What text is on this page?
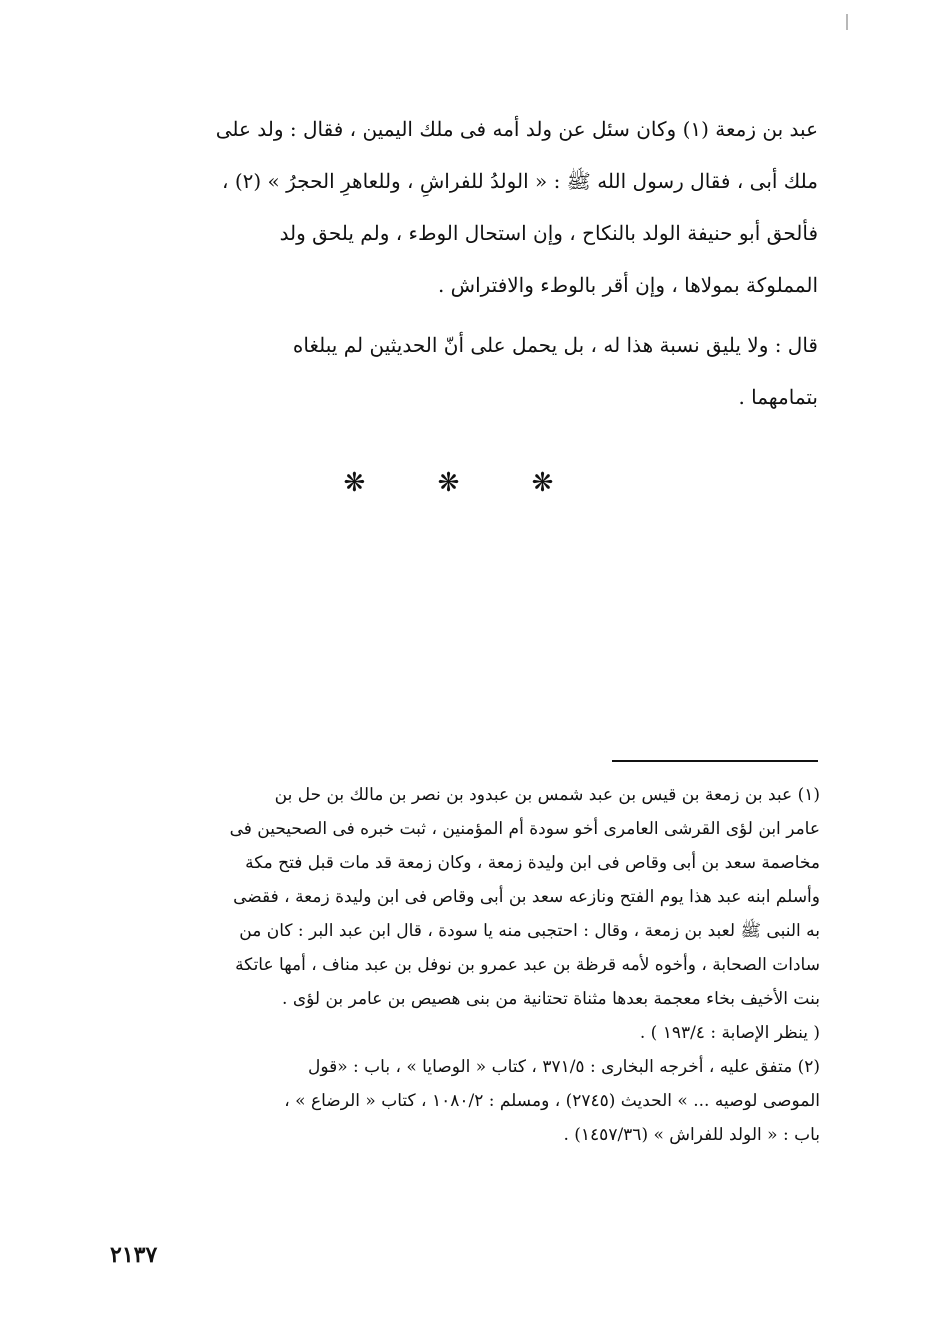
عبد بن زمعة (١) وكان سئل عن ولد أمه فى ملك اليمين ، فقال : ولد على
ملك أبى ، فقال رسول الله ﷺ : « الولدُ للفراشِ ، وللعاهرِ الحجرُ » (٢) ،
فألحق أبو حنيفة الولد بالنكاح ، وإن استحال الوطء ، ولم يلحق ولد
المملوكة بمولاها ، وإن أقر بالوطء والافتراش .
قال : ولا يليق نسبة هذا له ، بل يحمل على أنّ الحديثين لم يبلغاه
بتمامهما .
❋ ❋ ❋
(١) عبد بن زمعة بن قيس بن عبد شمس بن عبدود بن نصر بن مالك بن حل بن
عامر ابن لؤى القرشى العامرى أخو سودة أم المؤمنين ، ثبت خبره فى الصحيحين فى
مخاصمة سعد بن أبى وقاص فى ابن وليدة زمعة ، وكان زمعة قد مات قبل فتح مكة
وأسلم ابنه عبد هذا يوم الفتح ونازعه سعد بن أبى وقاص فى ابن وليدة زمعة ، فقضى
به النبى ﷺ لعبد بن زمعة ، وقال : احتجبى منه يا سودة ، قال ابن عبد البر : كان من
سادات الصحابة ، وأخوه لأمه قرظة بن عبد عمرو بن نوفل بن عبد مناف ، أمها عاتكة
بنت الأخيف بخاء معجمة بعدها مثناة تحتانية من بنى هصيص بن عامر بن لؤى .
( ينظر الإصابة : ١٩٣/٤ ) .
(٢) متفق عليه ، أخرجه البخارى : ٣٧١/٥ ، كتاب « الوصايا » ، باب : «قول
الموصى لوصيه ... » الحديث (٢٧٤٥) ، ومسلم : ١٠٨٠/٢ ، كتاب « الرضاع » ،
باب : « الولد للفراش » (١٤٥٧/٣٦) .
٢١٣٧
